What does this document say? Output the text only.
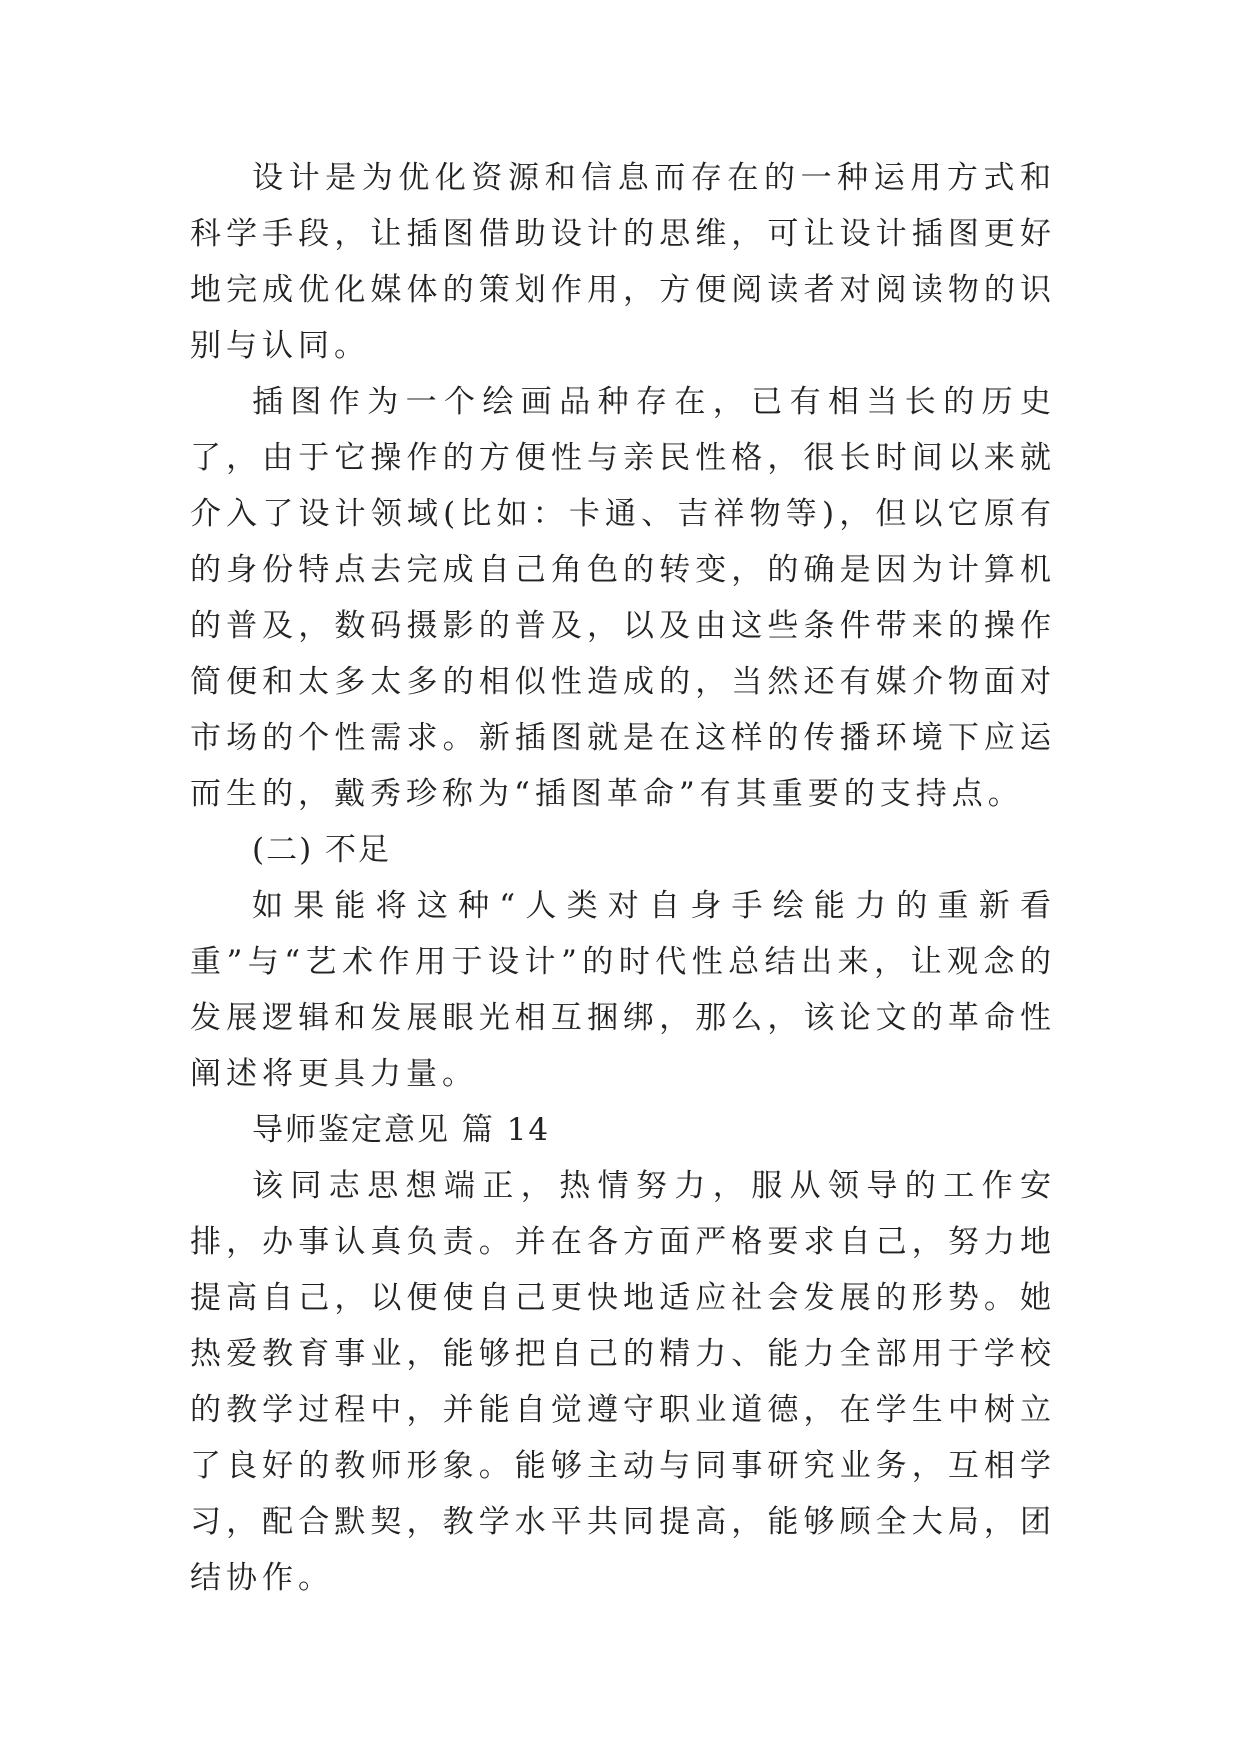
设计是为优化资源和信息而存在的一种运用方式和科学手段，让插图借助设计的思维，可让设计插图更好地完成优化媒体的策划作用，方便阅读者对阅读物的识别与认同。

插图作为一个绘画品种存在，已有相当长的历史了，由于它操作的方便性与亲民性格，很长时间以来就介入了设计领域(比如：卡通、吉祥物等)，但以它原有的身份特点去完成自己角色的转变，的确是因为计算机的普及，数码摄影的普及，以及由这些条件带来的操作简便和太多太多的相似性造成的，当然还有媒介物面对市场的个性需求。新插图就是在这样的传播环境下应运而生的，戴秀珍称为“插图革命”有其重要的支持点。

(二) 不足

如果能将这种“人类对自身手绘能力的重新看重”与“艺术作用于设计”的时代性总结出来，让观念的发展逻辑和发展眼光相互捆绑，那么，该论文的革命性阐述将更具力量。

导师鉴定意见 篇 14

该同志思想端正，热情努力，服从领导的工作安排，办事认真负责。并在各方面严格要求自己，努力地提高自己，以便使自己更快地适应社会发展的形势。她热爱教育事业，能够把自己的精力、能力全部用于学校的教学过程中，并能自觉遵守职业道德，在学生中树立了良好的教师形象。能够主动与同事研究业务，互相学习，配合默契，教学水平共同提高，能够顾全大局，团结协作。
